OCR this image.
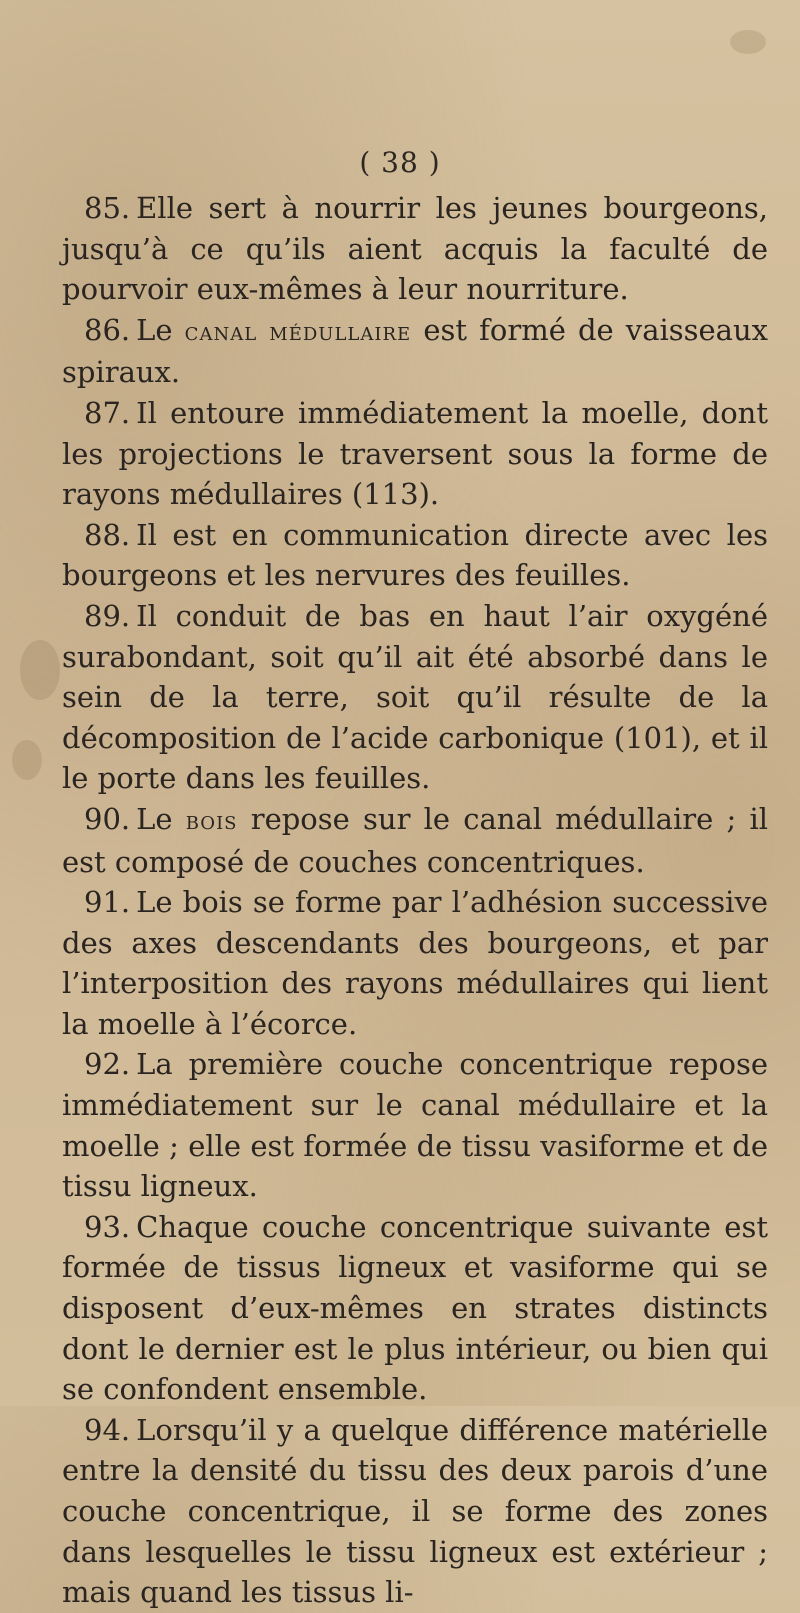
( 38 )

85. Elle sert à nourrir les jeunes bourgeons, jusqu’à ce qu’ils aient acquis la faculté de pourvoir eux-mêmes à leur nourriture.

86. Le canal médullaire est formé de vaisseaux spiraux.

87. Il entoure immédiatement la moelle, dont les projections le traversent sous la forme de rayons médullaires (113).

88. Il est en communication directe avec les bourgeons et les nervures des feuilles.

89. Il conduit de bas en haut l’air oxygéné surabondant, soit qu’il ait été absorbé dans le sein de la terre, soit qu’il résulte de la décomposition de l’acide carbonique (101), et il le porte dans les feuilles.

90. Le bois repose sur le canal médullaire ; il est composé de couches concentriques.

91. Le bois se forme par l’adhésion successive des axes descendants des bourgeons, et par l’interposition des rayons médullaires qui lient la moelle à l’écorce.

92. La première couche concentrique repose immédiatement sur le canal médullaire et la moelle ; elle est formée de tissu vasiforme et de tissu ligneux.

93. Chaque couche concentrique suivante est formée de tissus ligneux et vasiforme qui se disposent d’eux-mêmes en strates distincts dont le dernier est le plus intérieur, ou bien qui se confondent ensemble.

94. Lorsqu’il y a quelque différence matérielle entre la densité du tissu des deux parois d’une couche concentrique, il se forme des zones dans lesquelles le tissu ligneux est extérieur ; mais quand les tissus li-
